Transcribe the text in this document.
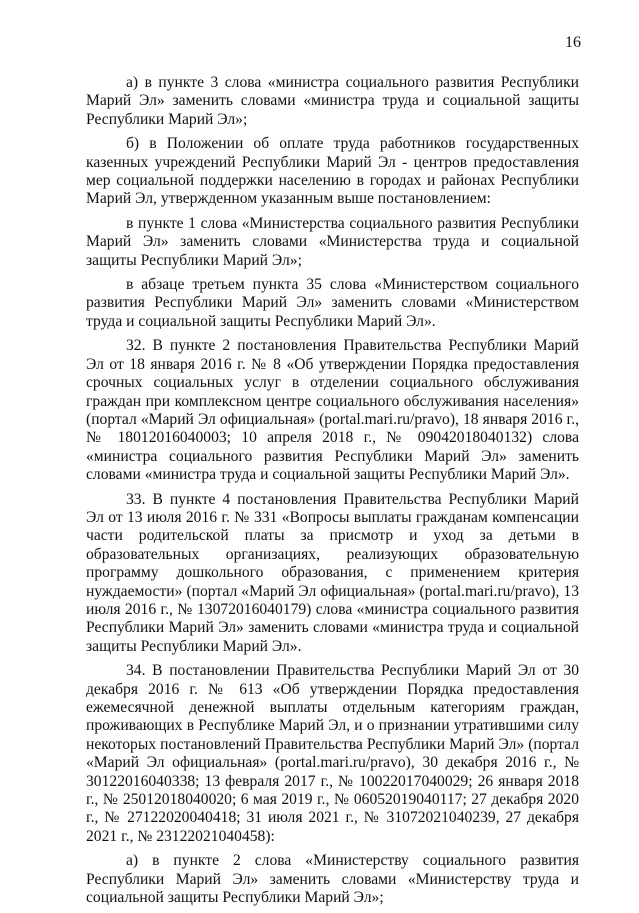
16

а) в пункте 3 слова «министра социального развития Республики Марий Эл» заменить словами «министра труда и социальной защиты Республики Марий Эл»;

б) в Положении об оплате труда работников государственных казенных учреждений Республики Марий Эл - центров предоставления мер социальной поддержки населению в городах и районах Республики Марий Эл, утвержденном указанным выше постановлением:

в пункте 1 слова «Министерства социального развития Республики Марий Эл» заменить словами «Министерства труда и социальной защиты Республики Марий Эл»;

в абзаце третьем пункта 35 слова «Министерством социального развития Республики Марий Эл» заменить словами «Министерством труда и социальной защиты Республики Марий Эл».

32. В пункте 2 постановления Правительства Республики Марий Эл от 18 января 2016 г. № 8 «Об утверждении Порядка предоставления срочных социальных услуг в отделении социального обслуживания граждан при комплексном центре социального обслуживания населения» (портал «Марий Эл официальная» (portal.mari.ru/pravo), 18 января 2016 г., № 18012016040003; 10 апреля 2018 г., № 09042018040132) слова «министра социального развития Республики Марий Эл» заменить словами «министра труда и социальной защиты Республики Марий Эл».

33. В пункте 4 постановления Правительства Республики Марий Эл от 13 июля 2016 г. № 331 «Вопросы выплаты гражданам компенсации части родительской платы за присмотр и уход за детьми в образовательных организациях, реализующих образовательную программу дошкольного образования, с применением критерия нуждаемости» (портал «Марий Эл официальная» (portal.mari.ru/pravo), 13 июля 2016 г., № 13072016040179) слова «министра социального развития Республики Марий Эл» заменить словами «министра труда и социальной защиты Республики Марий Эл».

34. В постановлении Правительства Республики Марий Эл от 30 декабря 2016 г. № 613 «Об утверждении Порядка предоставления ежемесячной денежной выплаты отдельным категориям граждан, проживающих в Республике Марий Эл, и о признании утратившими силу некоторых постановлений Правительства Республики Марий Эл» (портал «Марий Эл официальная» (portal.mari.ru/pravo), 30 декабря 2016 г., № 30122016040338; 13 февраля 2017 г., № 10022017040029; 26 января 2018 г., № 25012018040020; 6 мая 2019 г., № 06052019040117; 27 декабря 2020 г., № 27122020040418; 31 июля 2021 г., № 31072021040239, 27 декабря 2021 г., № 23122021040458):

а) в пункте 2 слова «Министерству социального развития Республики Марий Эл» заменить словами «Министерству труда и социальной защиты Республики Марий Эл»;
